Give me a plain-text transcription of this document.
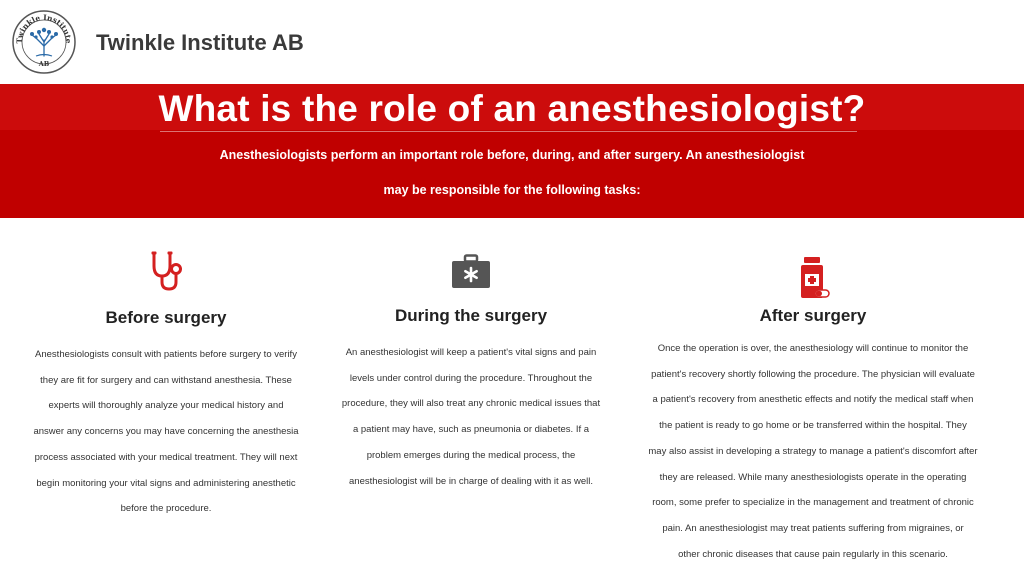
Twinkle Institute
AB
Twinkle Institute AB
What is the role of an anesthesiologist?
Anesthesiologists perform an important role before, during, and after surgery. An anesthesiologist
may be responsible for the following tasks:
Before surgery
Anesthesiologists consult with patients before surgery to verify
they are fit for surgery and can withstand anesthesia. These
experts will thoroughly analyze your medical history and
answer any concerns you may have concerning the anesthesia
process associated with your medical treatment. They will next
begin monitoring your vital signs and administering anesthetic
before the procedure.
During the surgery
An anesthesiologist will keep a patient's vital signs and pain
levels under control during the procedure. Throughout the
procedure, they will also treat any chronic medical issues that
a patient may have, such as pneumonia or diabetes. If a
problem emerges during the medical process, the
anesthesiologist will be in charge of dealing with it as well.
After surgery
Once the operation is over, the anesthesiology will continue to monitor the
patient's recovery shortly following the procedure. The physician will evaluate
a patient's recovery from anesthetic effects and notify the medical staff when
the patient is ready to go home or be transferred within the hospital. They
may also assist in developing a strategy to manage a patient's discomfort after
they are released. While many anesthesiologists operate in the operating
room, some prefer to specialize in the management and treatment of chronic
pain. An anesthesiologist may treat patients suffering from migraines, or
other chronic diseases that cause pain regularly in this scenario.
